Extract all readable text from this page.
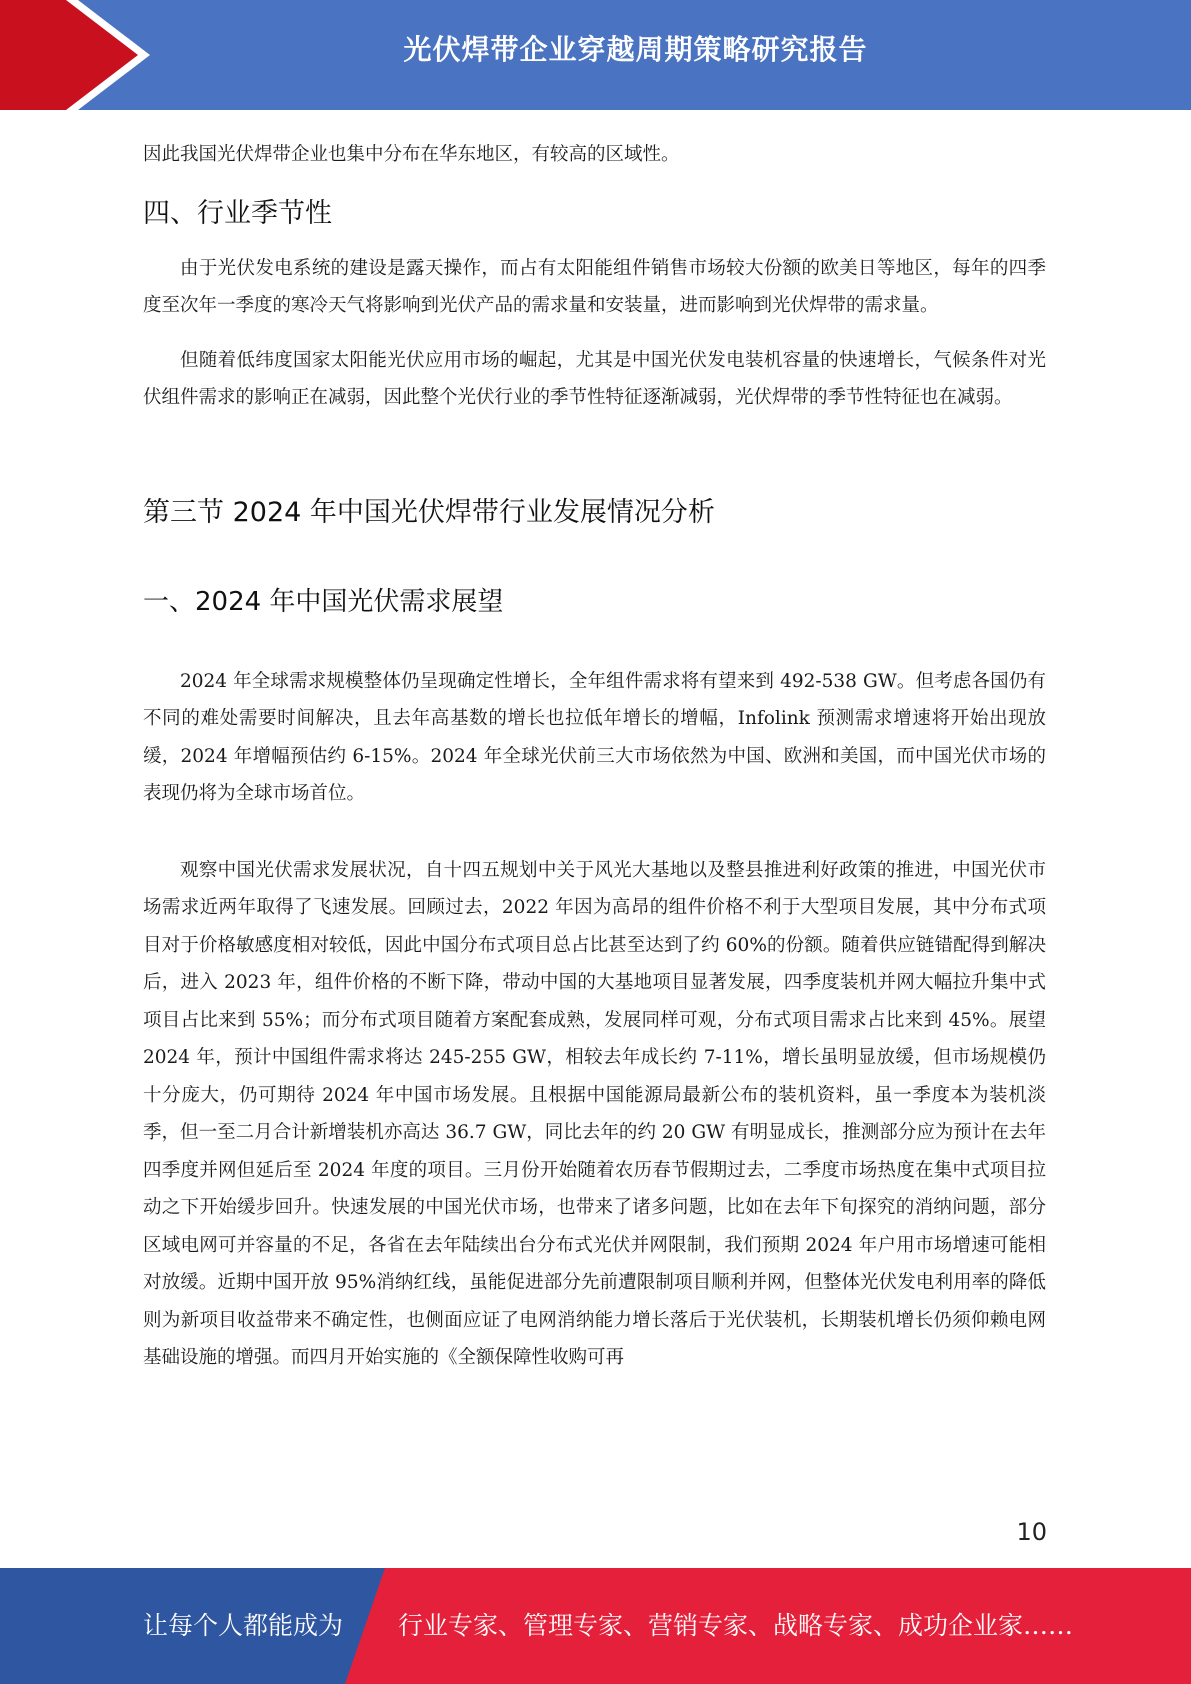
光伏焊带企业穿越周期策略研究报告

因此我国光伏焊带企业也集中分布在华东地区，有较高的区域性。

四、行业季节性

由于光伏发电系统的建设是露天操作，而占有太阳能组件销售市场较大份额的欧美日等地区，每年的四季度至次年一季度的寒冷天气将影响到光伏产品的需求量和安装量，进而影响到光伏焊带的需求量。

但随着低纬度国家太阳能光伏应用市场的崛起，尤其是中国光伏发电装机容量的快速增长，气候条件对光伏组件需求的影响正在减弱，因此整个光伏行业的季节性特征逐渐减弱，光伏焊带的季节性特征也在减弱。

第三节 2024 年中国光伏焊带行业发展情况分析
一、2024 年中国光伏需求展望

2024 年全球需求规模整体仍呈现确定性增长，全年组件需求将有望来到 492-538 GW。但考虑各国仍有不同的难处需要时间解决，且去年高基数的增长也拉低年增长的增幅，Infolink 预测需求增速将开始出现放缓，2024 年增幅预估约 6-15%。2024 年全球光伏前三大市场依然为中国、欧洲和美国，而中国光伏市场的表现仍将为全球市场首位。

观察中国光伏需求发展状况，自十四五规划中关于风光大基地以及整县推进利好政策的推进，中国光伏市场需求近两年取得了飞速发展。回顾过去，2022 年因为高昂的组件价格不利于大型项目发展，其中分布式项目对于价格敏感度相对较低，因此中国分布式项目总占比甚至达到了约 60%的份额。随着供应链错配得到解决后，进入 2023 年，组件价格的不断下降，带动中国的大基地项目显著发展，四季度装机并网大幅拉升集中式项目占比来到 55%；而分布式项目随着方案配套成熟，发展同样可观，分布式项目需求占比来到 45%。展望 2024 年，预计中国组件需求将达 245-255 GW，相较去年成长约 7-11%，增长虽明显放缓，但市场规模仍十分庞大，仍可期待 2024 年中国市场发展。且根据中国能源局最新公布的装机资料，虽一季度本为装机淡季，但一至二月合计新增装机亦高达 36.7 GW，同比去年的约 20 GW 有明显成长，推测部分应为预计在去年四季度并网但延后至 2024 年度的项目。三月份开始随着农历春节假期过去，二季度市场热度在集中式项目拉动之下开始缓步回升。快速发展的中国光伏市场，也带来了诸多问题，比如在去年下旬探究的消纳问题，部分区域电网可并容量的不足，各省在去年陆续出台分布式光伏并网限制，我们预期 2024 年户用市场增速可能相对放缓。近期中国开放 95%消纳红线，虽能促进部分先前遭限制项目顺利并网，但整体光伏发电利用率的降低则为新项目收益带来不确定性，也侧面应证了电网消纳能力增长落后于光伏装机，长期装机增长仍须仰赖电网基础设施的增强。而四月开始实施的《全额保障性收购可再

10
让每个人都能成为 行业专家、管理专家、营销专家、战略专家、成功企业家……
